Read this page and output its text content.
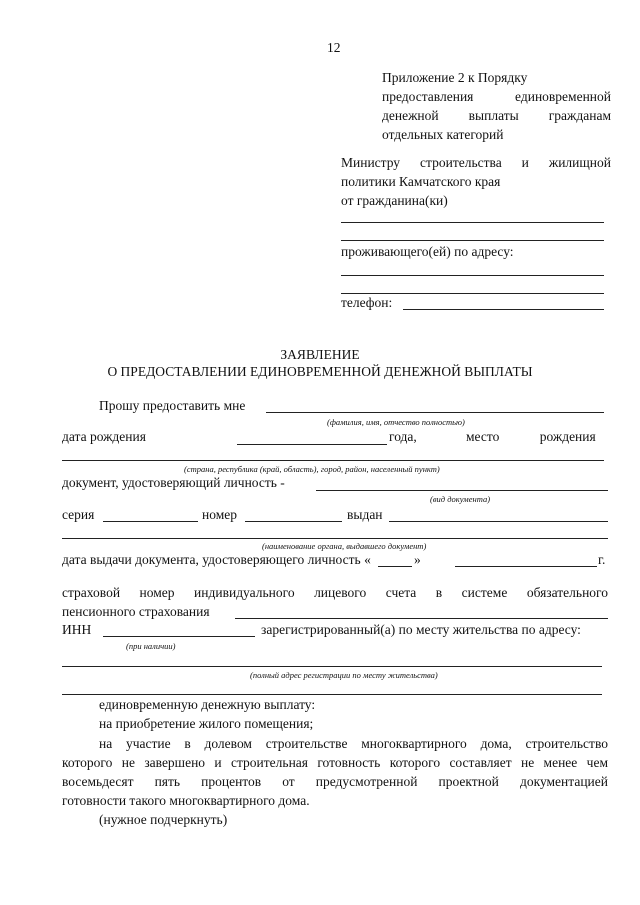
12
Приложение 2 к Порядку
предоставления единовременной
денежной выплаты гражданам
отдельных категорий
Министру строительства и жилищной
политики Камчатского края
от гражданина(ки)
проживающего(ей) по адресу:
телефон:
ЗАЯВЛЕНИЕ
О ПРЕДОСТАВЛЕНИИ ЕДИНОВРЕМЕННОЙ ДЕНЕЖНОЙ ВЫПЛАТЫ
Прошу предоставить мне
(фамилия, имя, отчество полностью)
дата рождения	года,	место рождения
(страна, республика (край, область), город, район, населенный пункт)
документ, удостоверяющий личность -
(вид документа)
серия	номер	выдан
(наименование органа, выдавшего документ)
дата выдачи документа, удостоверяющего личность «	»	г.
страховой номер индивидуального лицевого счета в системе обязательного
пенсионного страхования
ИНН	зарегистрированный(а) по месту жительства по адресу:
(при наличии)
(полный адрес регистрации по месту жительства)
единовременную денежную выплату:
на приобретение жилого помещения;
на участие в долевом строительстве многоквартирного дома, строительство
которого не завершено и строительная готовность которого составляет не менее чем
восемьдесят пять процентов от предусмотренной проектной документацией
готовности такого многоквартирного дома.
(нужное подчеркнуть)
